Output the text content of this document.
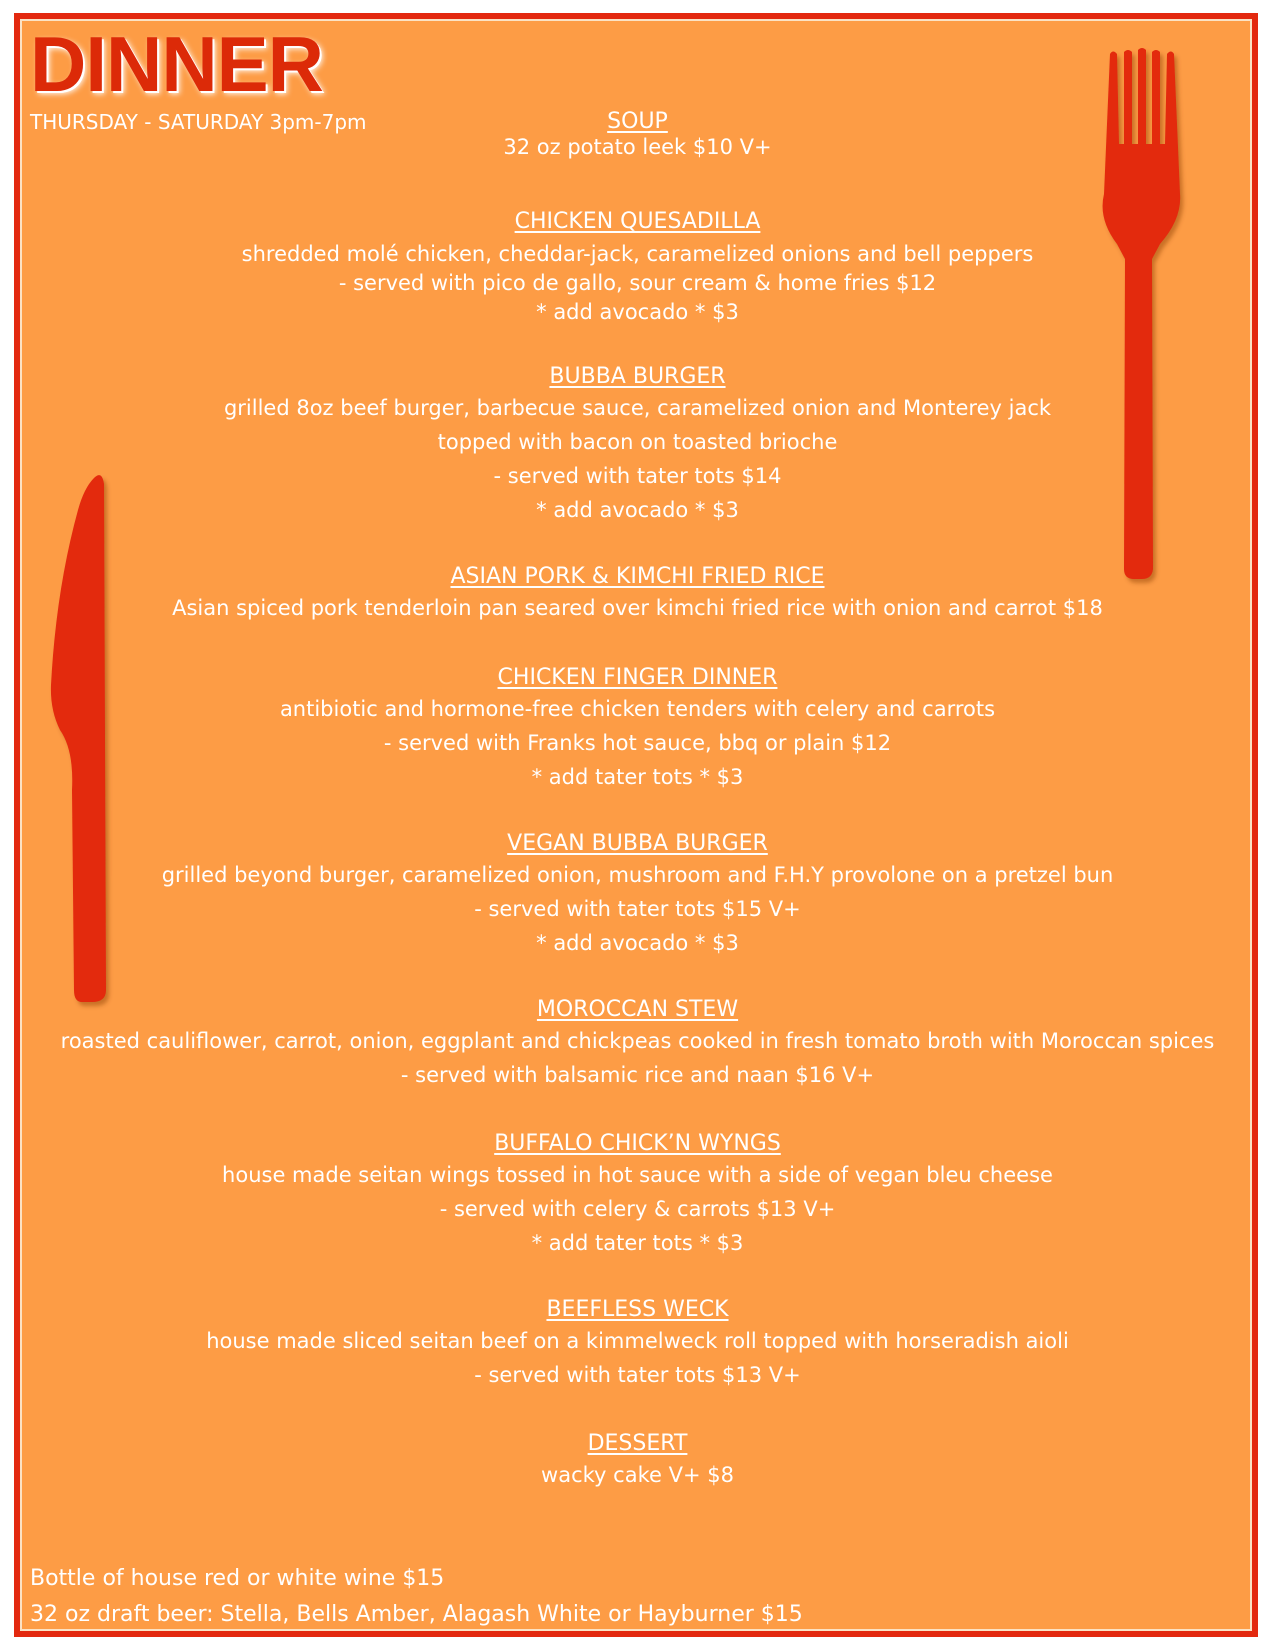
DINNER
THURSDAY - SATURDAY 3pm-7pm	SOUP
32 oz potato leek $10 V+
CHICKEN QUESADILLA
shredded molé chicken, cheddar-jack, caramelized onions and bell peppers
- served with pico de gallo, sour cream & home fries $12
* add avocado * $3
BUBBA BURGER
grilled 8oz beef burger, barbecue sauce, caramelized onion and Monterey jack
topped with bacon on toasted brioche
- served with tater tots $14
* add avocado * $3
ASIAN PORK & KIMCHI FRIED RICE
Asian spiced pork tenderloin pan seared over kimchi fried rice with onion and carrot $18
CHICKEN FINGER DINNER
antibiotic and hormone-free chicken tenders with celery and carrots
- served with Franks hot sauce, bbq or plain $12
* add tater tots * $3
VEGAN BUBBA BURGER
grilled beyond burger, caramelized onion, mushroom and F.H.Y provolone on a pretzel bun
- served with tater tots $15 V+
* add avocado * $3
MOROCCAN STEW
roasted cauliflower, carrot, onion, eggplant and chickpeas cooked in fresh tomato broth with Moroccan spices
- served with balsamic rice and naan $16 V+
BUFFALO CHICK’N WYNGS
house made seitan wings tossed in hot sauce with a side of vegan bleu cheese
- served with celery & carrots $13 V+
* add tater tots * $3
BEEFLESS WECK
house made sliced seitan beef on a kimmelweck roll topped with horseradish aioli
- served with tater tots $13 V+
DESSERT
wacky cake V+ $8
Bottle of house red or white wine $15
32 oz draft beer: Stella, Bells Amber, Alagash White or Hayburner $15
